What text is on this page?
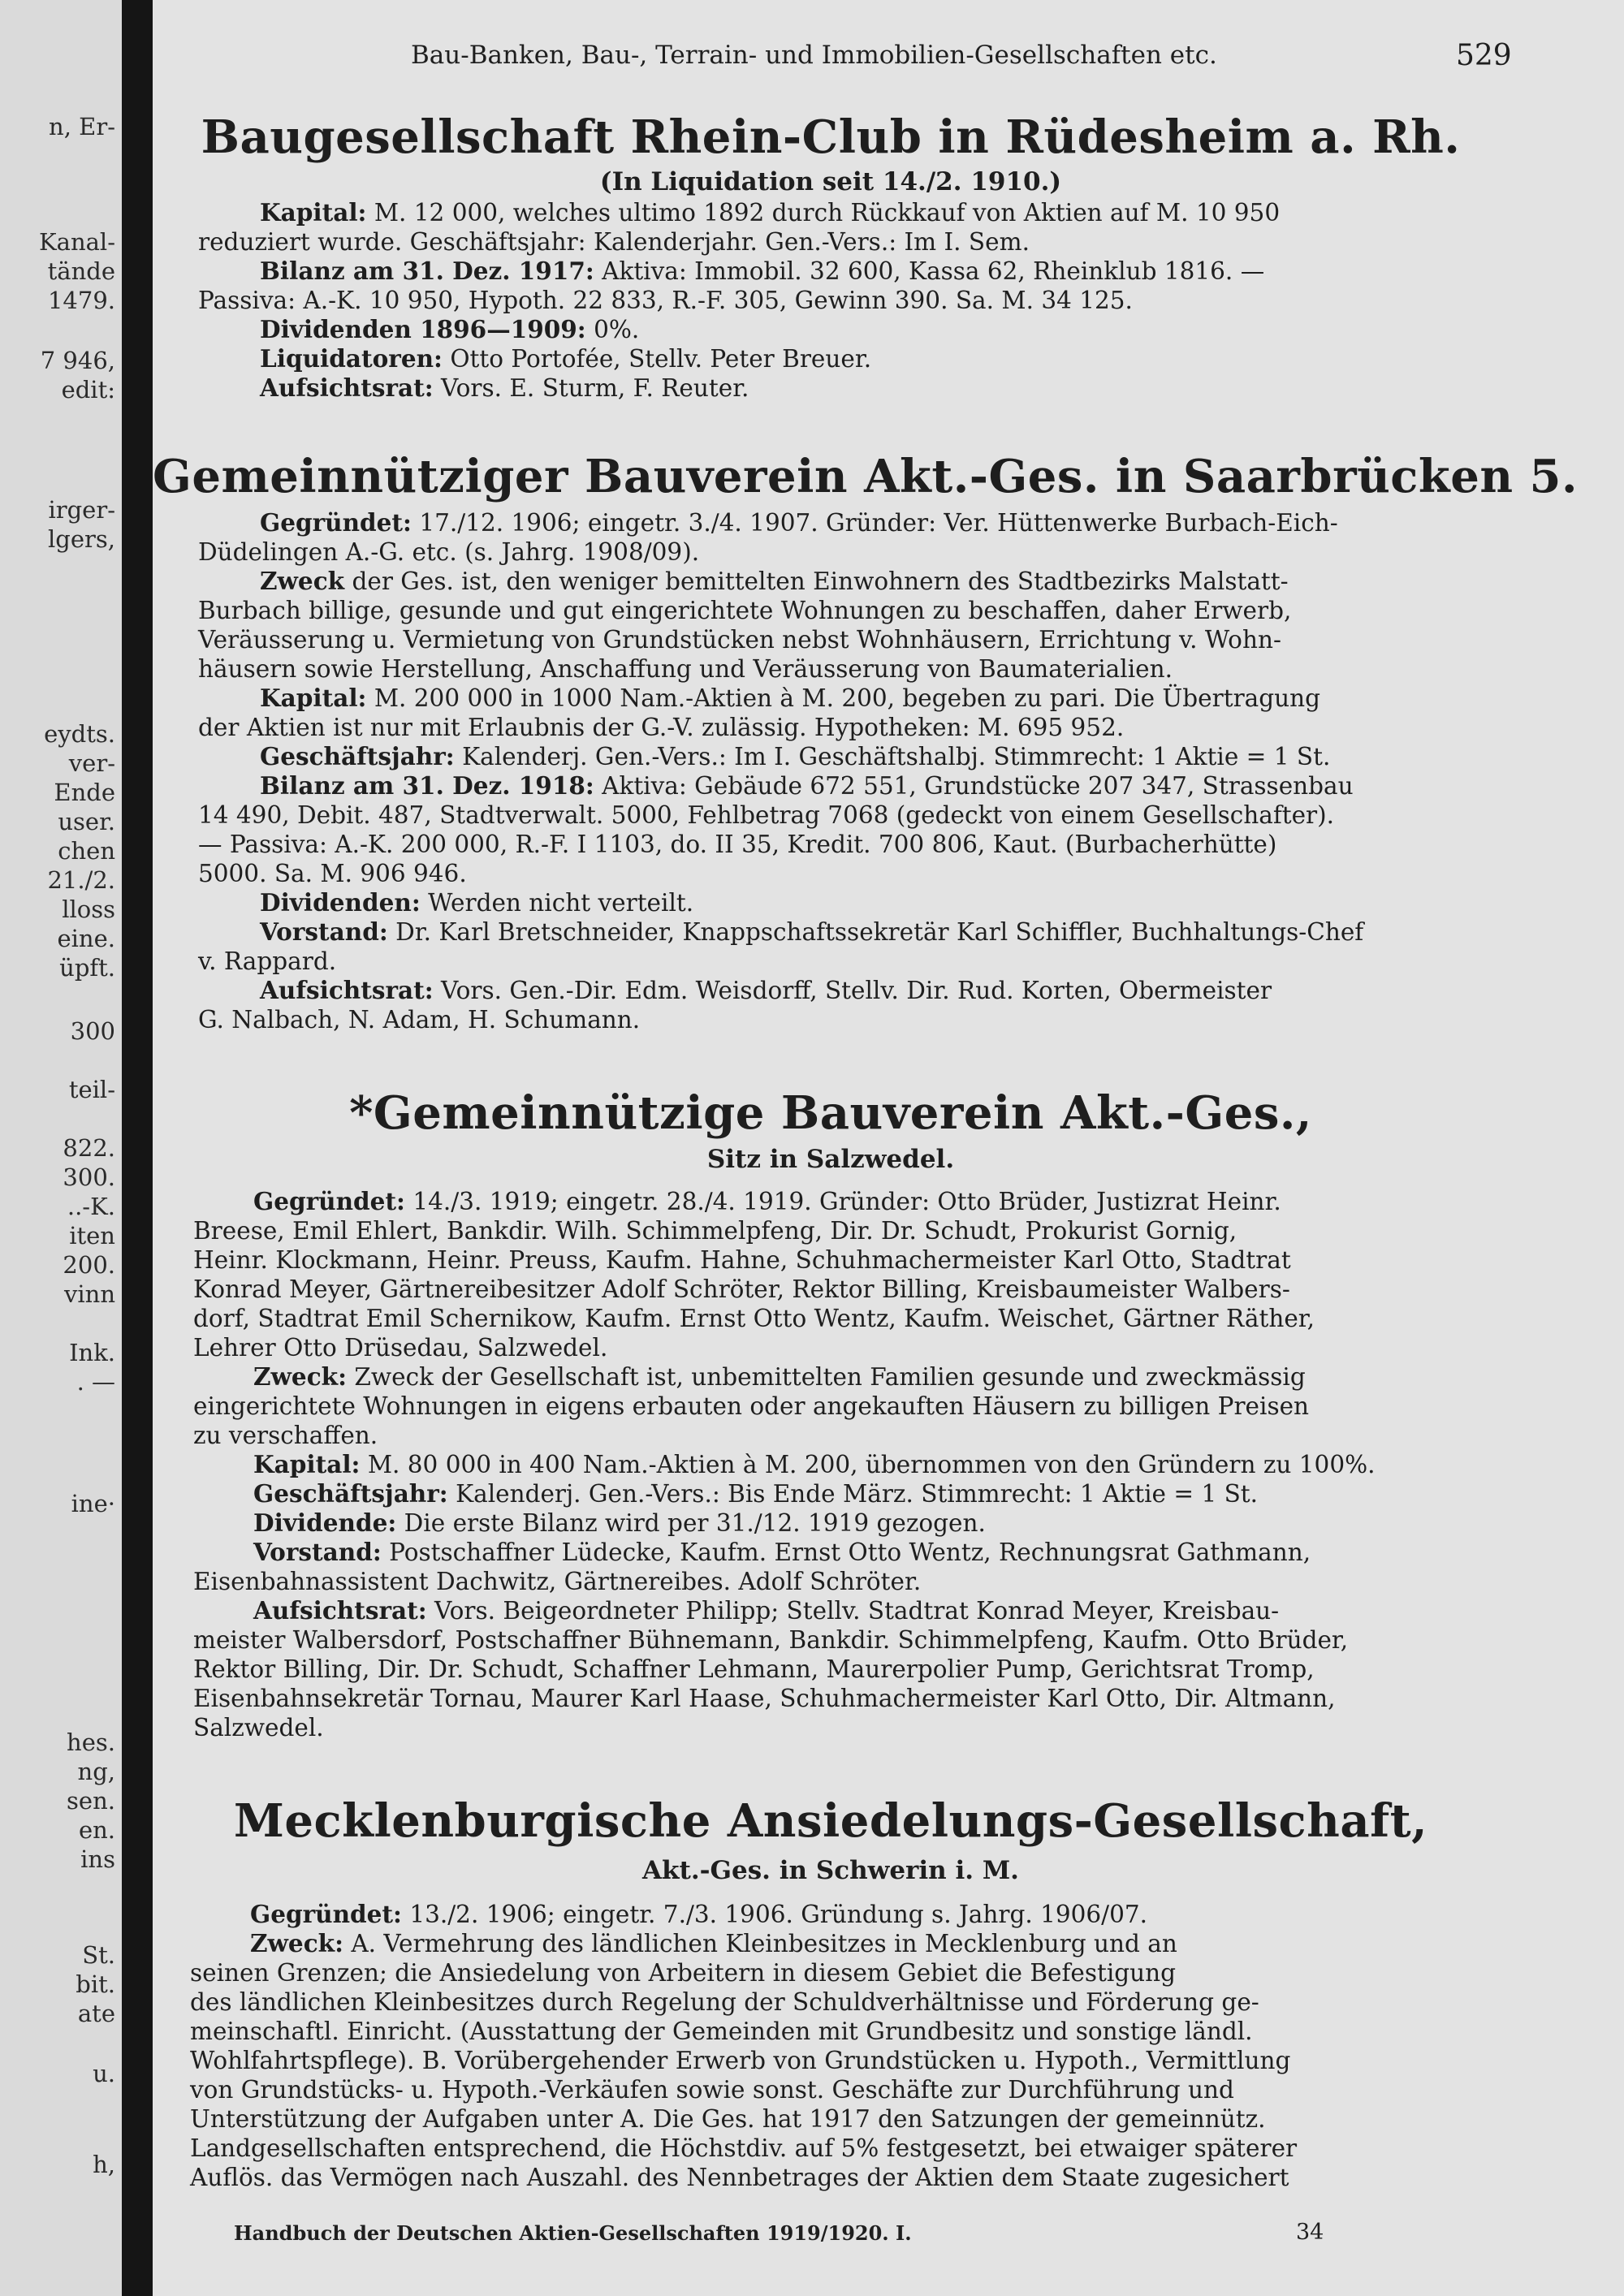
n, Er-
Kanal-
tände
1479.
7 946,
edit:
irger-
lgers,
eydts.
ver-
Ende
user.
chen
21./2.
lloss
eine.
üpft.
300
teil-
822.
300.
..-K.
iten
200.
vinn
Ink.
. —
ine·
hes.
ng,
sen.
en.
ins
St.
bit.
ate
u.
h,
Bau-Banken, Bau-, Terrain- und Immobilien-Gesellschaften etc.	529
Baugesellschaft Rhein-Club in Rüdesheim a. Rh.
(In Liquidation seit 14./2. 1910.)
Kapital: M. 12 000, welches ultimo 1892 durch Rückkauf von Aktien auf M. 10 950
reduziert wurde. Geschäftsjahr: Kalenderjahr. Gen.-Vers.: Im I. Sem.
Bilanz am 31. Dez. 1917: Aktiva: Immobil. 32 600, Kassa 62, Rheinklub 1816. —
Passiva: A.-K. 10 950, Hypoth. 22 833, R.-F. 305, Gewinn 390. Sa. M. 34 125.
Dividenden 1896—1909: 0%.
Liquidatoren: Otto Portofée, Stellv. Peter Breuer.
Aufsichtsrat: Vors. E. Sturm, F. Reuter.
Gemeinnütziger Bauverein Akt.-Ges. in Saarbrücken 5.
Gegründet: 17./12. 1906; eingetr. 3./4. 1907. Gründer: Ver. Hüttenwerke Burbach-Eich-
Düdelingen A.-G. etc. (s. Jahrg. 1908/09).
Zweck der Ges. ist, den weniger bemittelten Einwohnern des Stadtbezirks Malstatt-
Burbach billige, gesunde und gut eingerichtete Wohnungen zu beschaffen, daher Erwerb,
Veräusserung u. Vermietung von Grundstücken nebst Wohnhäusern, Errichtung v. Wohn-
häusern sowie Herstellung, Anschaffung und Veräusserung von Baumaterialien.
Kapital: M. 200 000 in 1000 Nam.-Aktien à M. 200, begeben zu pari. Die Übertragung
der Aktien ist nur mit Erlaubnis der G.-V. zulässig. Hypotheken: M. 695 952.
Geschäftsjahr: Kalenderj. Gen.-Vers.: Im I. Geschäftshalbj. Stimmrecht: 1 Aktie = 1 St.
Bilanz am 31. Dez. 1918: Aktiva: Gebäude 672 551, Grundstücke 207 347, Strassenbau
14 490, Debit. 487, Stadtverwalt. 5000, Fehlbetrag 7068 (gedeckt von einem Gesellschafter).
— Passiva: A.-K. 200 000, R.-F. I 1103, do. II 35, Kredit. 700 806, Kaut. (Burbacherhütte)
5000. Sa. M. 906 946.
Dividenden: Werden nicht verteilt.
Vorstand: Dr. Karl Bretschneider, Knappschaftssekretär Karl Schiffler, Buchhaltungs-Chef
v. Rappard.
Aufsichtsrat: Vors. Gen.-Dir. Edm. Weisdorff, Stellv. Dir. Rud. Korten, Obermeister
G. Nalbach, N. Adam, H. Schumann.
*Gemeinnützige Bauverein Akt.-Ges.,
Sitz in Salzwedel.
Gegründet: 14./3. 1919; eingetr. 28./4. 1919. Gründer: Otto Brüder, Justizrat Heinr.
Breese, Emil Ehlert, Bankdir. Wilh. Schimmelpfeng, Dir. Dr. Schudt, Prokurist Gornig,
Heinr. Klockmann, Heinr. Preuss, Kaufm. Hahne, Schuhmachermeister Karl Otto, Stadtrat
Konrad Meyer, Gärtnereibesitzer Adolf Schröter, Rektor Billing, Kreisbaumeister Walbers-
dorf, Stadtrat Emil Schernikow, Kaufm. Ernst Otto Wentz, Kaufm. Weischet, Gärtner Räther,
Lehrer Otto Drüsedau, Salzwedel.
Zweck: Zweck der Gesellschaft ist, unbemittelten Familien gesunde und zweckmässig
eingerichtete Wohnungen in eigens erbauten oder angekauften Häusern zu billigen Preisen
zu verschaffen.
Kapital: M. 80 000 in 400 Nam.-Aktien à M. 200, übernommen von den Gründern zu 100%.
Geschäftsjahr: Kalenderj. Gen.-Vers.: Bis Ende März. Stimmrecht: 1 Aktie = 1 St.
Dividende: Die erste Bilanz wird per 31./12. 1919 gezogen.
Vorstand: Postschaffner Lüdecke, Kaufm. Ernst Otto Wentz, Rechnungsrat Gathmann,
Eisenbahnassistent Dachwitz, Gärtnereibes. Adolf Schröter.
Aufsichtsrat: Vors. Beigeordneter Philipp; Stellv. Stadtrat Konrad Meyer, Kreisbau-
meister Walbersdorf, Postschaffner Bühnemann, Bankdir. Schimmelpfeng, Kaufm. Otto Brüder,
Rektor Billing, Dir. Dr. Schudt, Schaffner Lehmann, Maurerpolier Pump, Gerichtsrat Tromp,
Eisenbahnsekretär Tornau, Maurer Karl Haase, Schuhmachermeister Karl Otto, Dir. Altmann,
Salzwedel.
Mecklenburgische Ansiedelungs-Gesellschaft,
Akt.-Ges. in Schwerin i. M.
Gegründet: 13./2. 1906; eingetr. 7./3. 1906. Gründung s. Jahrg. 1906/07.
Zweck: A. Vermehrung des ländlichen Kleinbesitzes in Mecklenburg und an
seinen Grenzen; die Ansiedelung von Arbeitern in diesem Gebiet die Befestigung
des ländlichen Kleinbesitzes durch Regelung der Schuldverhältnisse und Förderung ge-
meinschaftl. Einricht. (Ausstattung der Gemeinden mit Grundbesitz und sonstige ländl.
Wohlfahrtspflege). B. Vorübergehender Erwerb von Grundstücken u. Hypoth., Vermittlung
von Grundstücks- u. Hypoth.-Verkäufen sowie sonst. Geschäfte zur Durchführung und
Unterstützung der Aufgaben unter A. Die Ges. hat 1917 den Satzungen der gemeinnütz.
Landgesellschaften entsprechend, die Höchstdiv. auf 5% festgesetzt, bei etwaiger späterer
Auflös. das Vermögen nach Auszahl. des Nennbetrages der Aktien dem Staate zugesichert
Handbuch der Deutschen Aktien-Gesellschaften 1919/1920. I.	34
